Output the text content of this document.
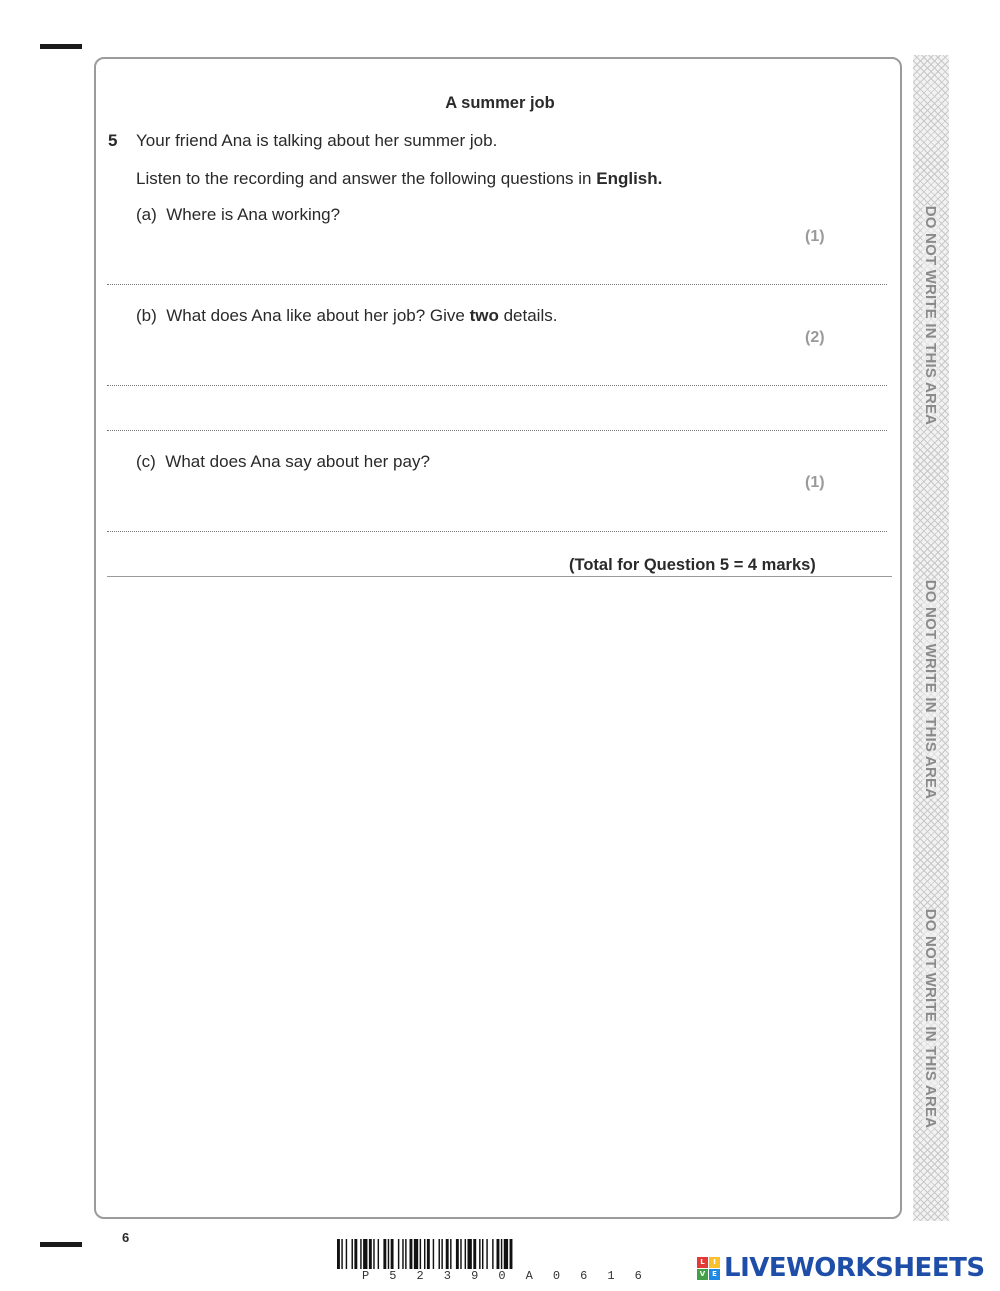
DO NOT WRITE IN THIS AREA
DO NOT WRITE IN THIS AREA
DO NOT WRITE IN THIS AREA
A summer job
5 Your friend Ana is talking about her summer job.
Listen to the recording and answer the following questions in English.
(a) Where is Ana working?
(1)
(b) What does Ana like about her job? Give two details.
(2)
(c) What does Ana say about her pay?
(1)
(Total for Question 5 = 4 marks)
6
P 5 2 3 9 0 A 0 6 1 6
L	I
V E LIVEWORKSHEETS
